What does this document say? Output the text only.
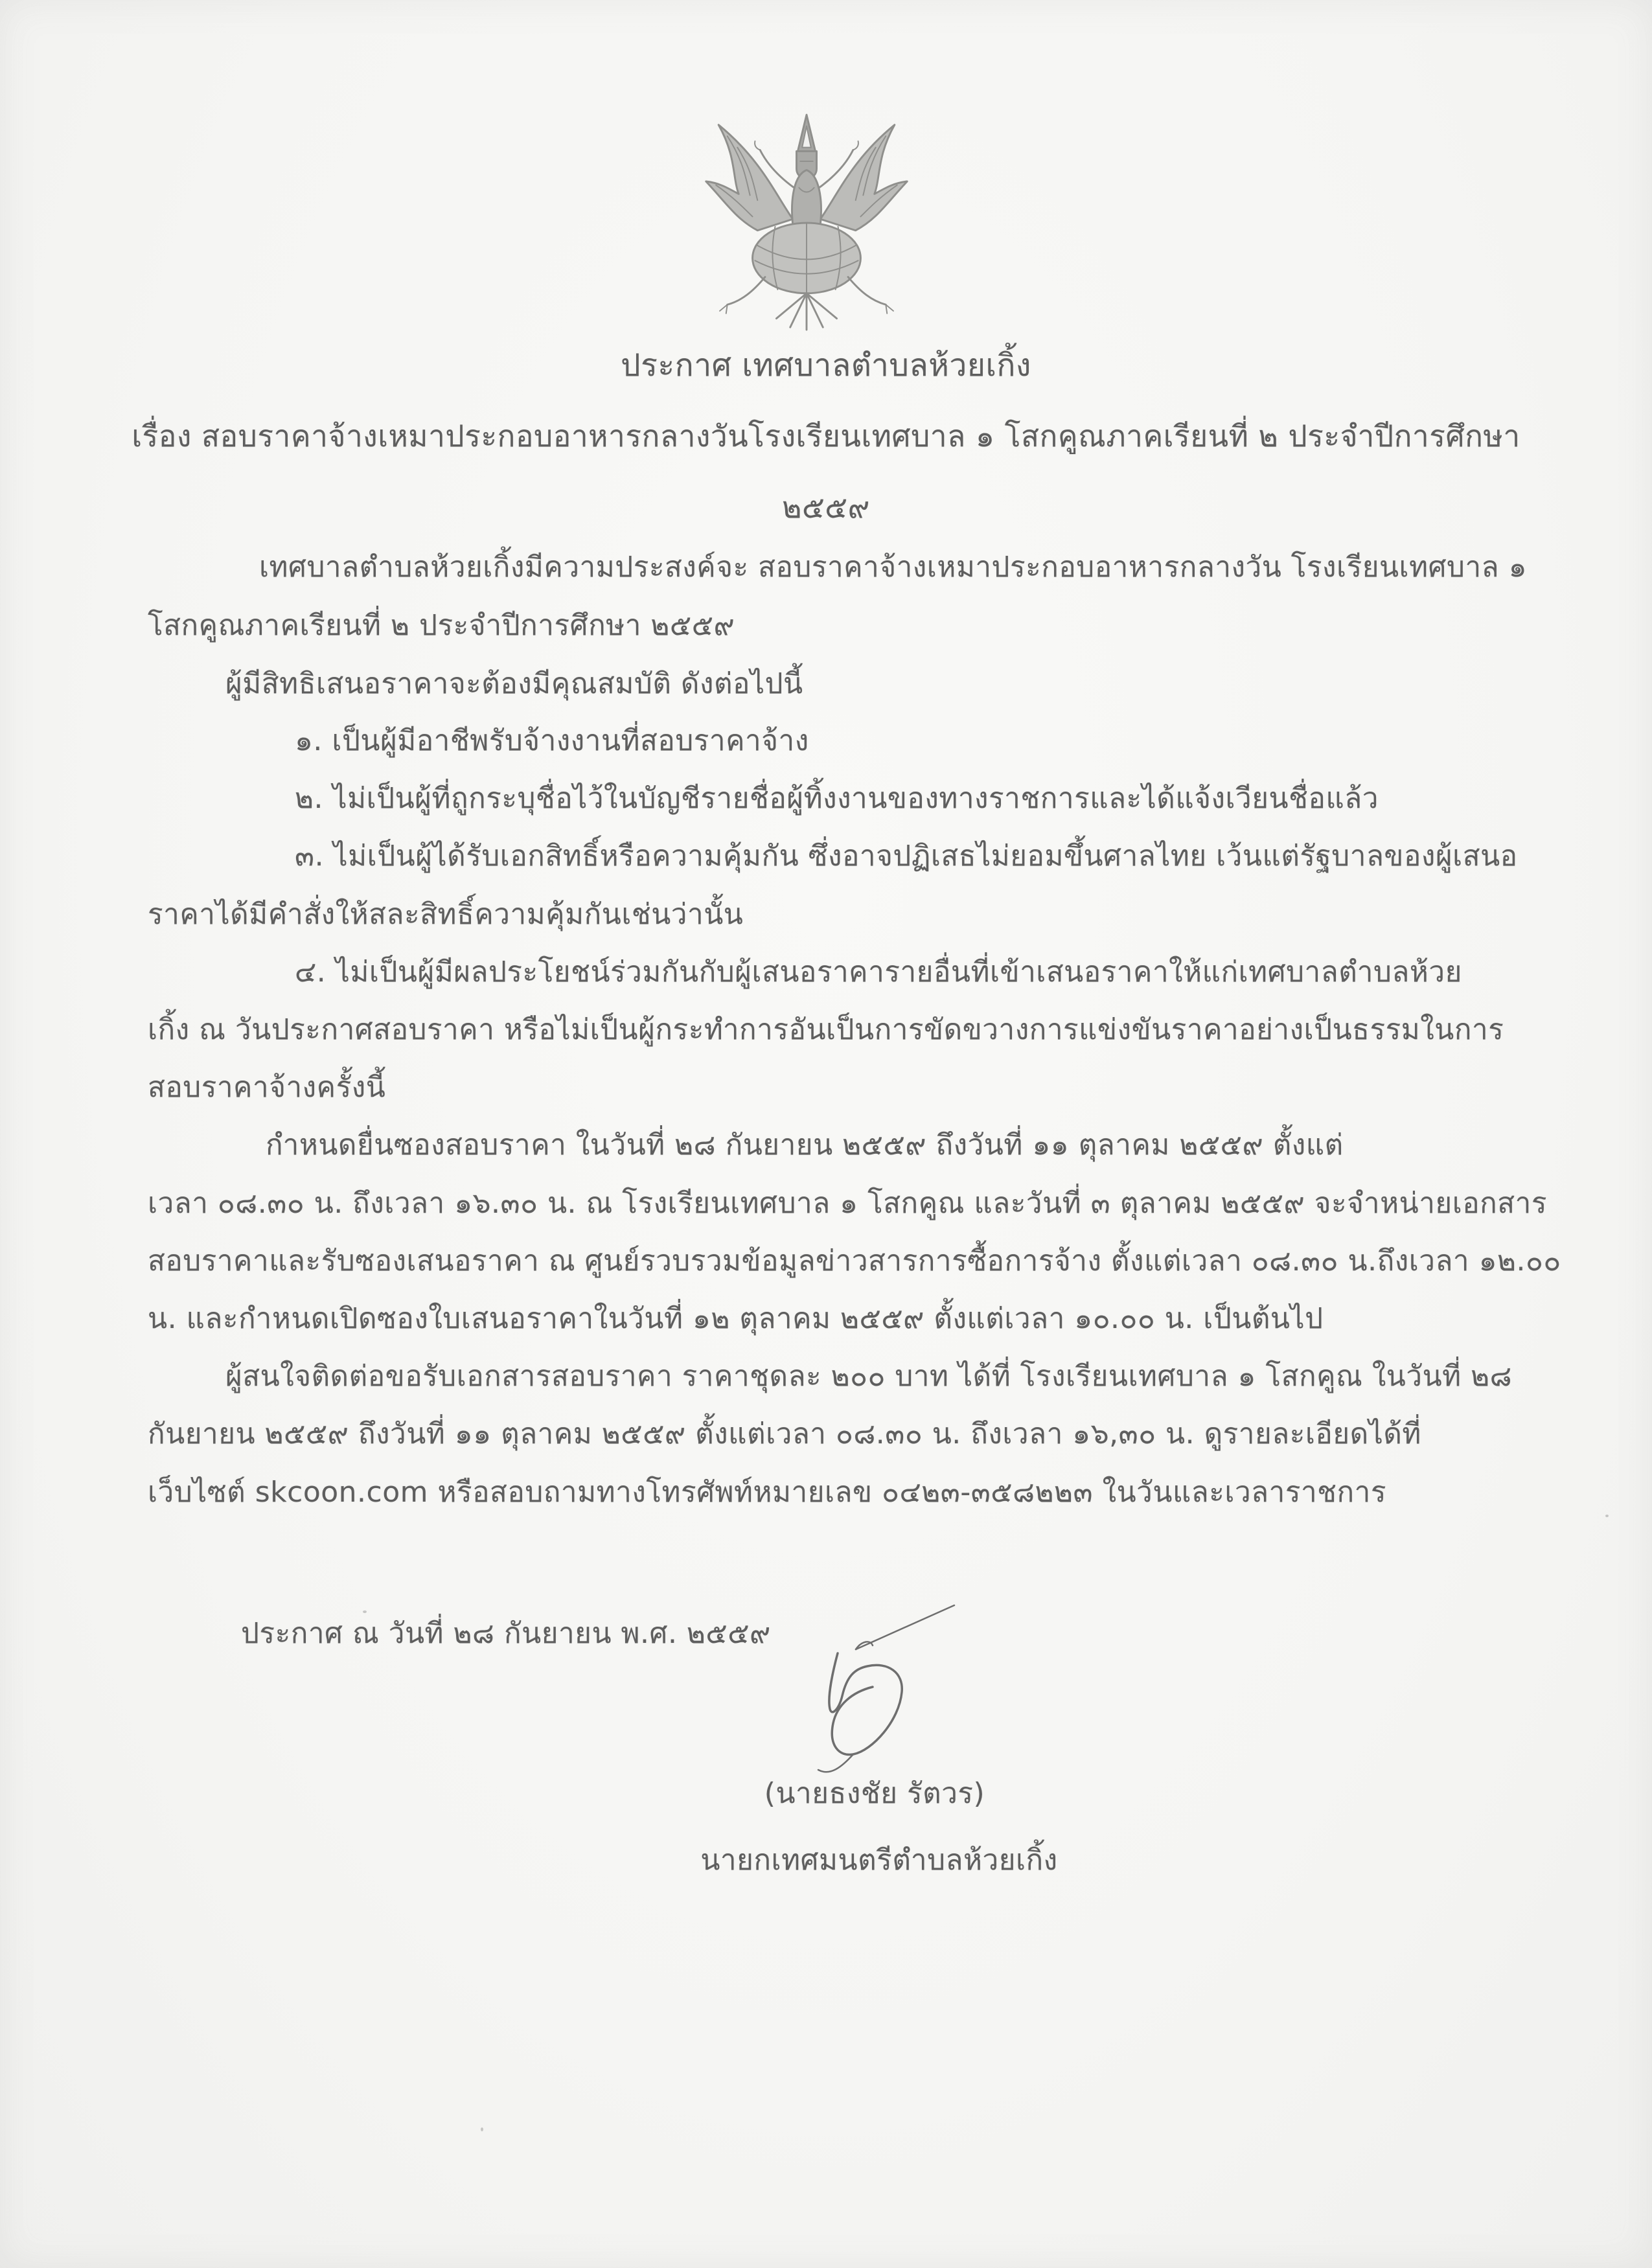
ประกาศ เทศบาลตำบลห้วยเกิ้ง
เรื่อง สอบราคาจ้างเหมาประกอบอาหารกลางวันโรงเรียนเทศบาล ๑ โสกคูณภาคเรียนที่ ๒ ประจำปีการศึกษา
๒๕๕๙
(นายธงชัย รัตวร)
นายกเทศมนตรีตำบลห้วยเกิ้ง
เทศบาลตำบลห้วยเกิ้งมีความประสงค์จะ สอบราคาจ้างเหมาประกอบอาหารกลางวัน โรงเรียนเทศบาล ๑
โสกคูณภาคเรียนที่ ๒ ประจำปีการศึกษา ๒๕๕๙
ผู้มีสิทธิเสนอราคาจะต้องมีคุณสมบัติ ดังต่อไปนี้
๑. เป็นผู้มีอาชีพรับจ้างงานที่สอบราคาจ้าง
๒. ไม่เป็นผู้ที่ถูกระบุชื่อไว้ในบัญชีรายชื่อผู้ทิ้งงานของทางราชการและได้แจ้งเวียนชื่อแล้ว
๓. ไม่เป็นผู้ได้รับเอกสิทธิ์หรือความคุ้มกัน ซึ่งอาจปฏิเสธไม่ยอมขึ้นศาลไทย เว้นแต่รัฐบาลของผู้เสนอ
ราคาได้มีคำสั่งให้สละสิทธิ์ความคุ้มกันเช่นว่านั้น
๔. ไม่เป็นผู้มีผลประโยชน์ร่วมกันกับผู้เสนอราคารายอื่นที่เข้าเสนอราคาให้แก่เทศบาลตำบลห้วย
เกิ้ง ณ วันประกาศสอบราคา หรือไม่เป็นผู้กระทำการอันเป็นการขัดขวางการแข่งขันราคาอย่างเป็นธรรมในการ
สอบราคาจ้างครั้งนี้
กำหนดยื่นซองสอบราคา ในวันที่ ๒๘ กันยายน ๒๕๕๙ ถึงวันที่ ๑๑ ตุลาคม ๒๕๕๙ ตั้งแต่
เวลา ๐๘.๓๐ น. ถึงเวลา ๑๖.๓๐ น. ณ โรงเรียนเทศบาล ๑ โสกคูณ และวันที่ ๓ ตุลาคม ๒๕๕๙ จะจำหน่ายเอกสาร
สอบราคาและรับซองเสนอราคา ณ ศูนย์รวบรวมข้อมูลข่าวสารการซื้อการจ้าง ตั้งแต่เวลา ๐๘.๓๐ น.ถึงเวลา ๑๒.๐๐
น. และกำหนดเปิดซองใบเสนอราคาในวันที่ ๑๒ ตุลาคม ๒๕๕๙ ตั้งแต่เวลา ๑๐.๐๐ น. เป็นต้นไป
ผู้สนใจติดต่อขอรับเอกสารสอบราคา ราคาชุดละ ๒๐๐ บาท ได้ที่ โรงเรียนเทศบาล ๑ โสกคูณ ในวันที่ ๒๘
กันยายน ๒๕๕๙ ถึงวันที่ ๑๑ ตุลาคม ๒๕๕๙ ตั้งแต่เวลา ๐๘.๓๐ น. ถึงเวลา ๑๖,๓๐ น. ดูรายละเอียดได้ที่
เว็บไซต์ skcoon.com หรือสอบถามทางโทรศัพท์หมายเลข ๐๔๒๓-๓๕๘๒๒๓ ในวันและเวลาราชการ
ประกาศ ณ วันที่ ๒๘ กันยายน พ.ศ. ๒๕๕๙
